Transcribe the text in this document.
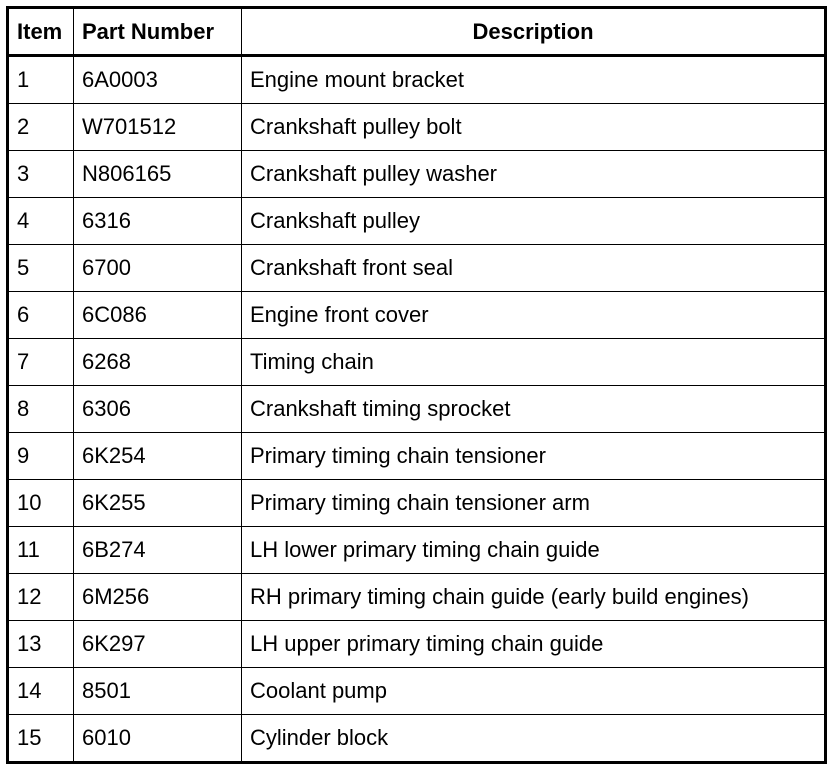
Item	Part Number	Description
1	6A0003	Engine mount bracket
2	W701512	Crankshaft pulley bolt
3	N806165	Crankshaft pulley washer
4	6316	Crankshaft pulley
5	6700	Crankshaft front seal
6	6C086	Engine front cover
7	6268	Timing chain
8	6306	Crankshaft timing sprocket
9	6K254	Primary timing chain tensioner
10	6K255	Primary timing chain tensioner arm
11	6B274	LH lower primary timing chain guide
12	6M256	RH primary timing chain guide (early build engines)
13	6K297	LH upper primary timing chain guide
14	8501	Coolant pump
15	6010	Cylinder block
